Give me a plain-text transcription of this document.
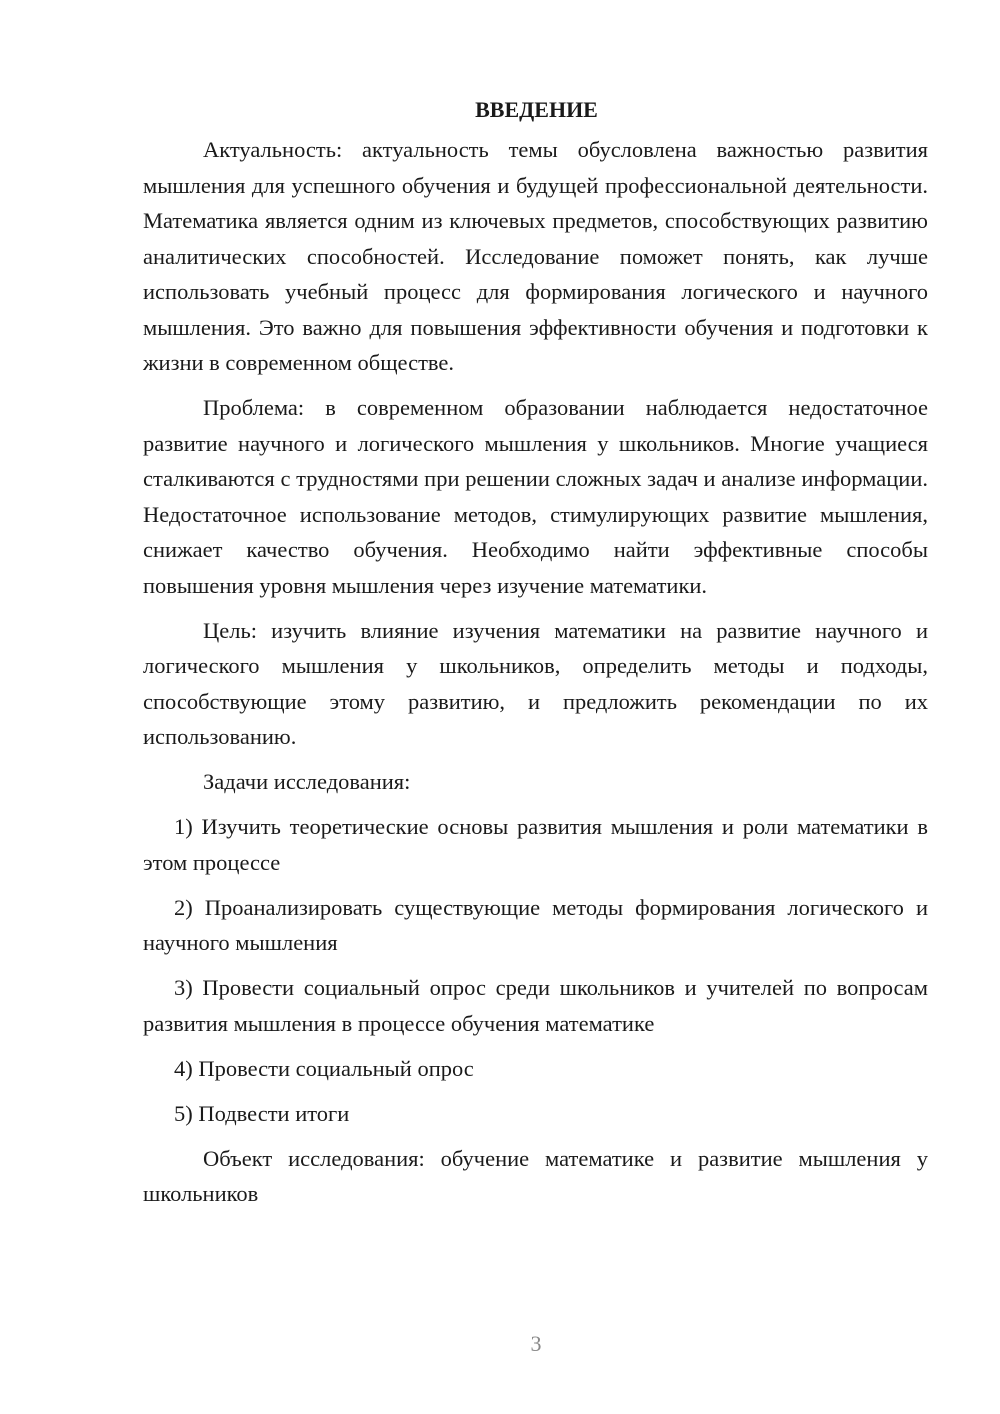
ВВЕДЕНИЕ

Актуальность: актуальность темы обусловлена важностью развития мышления для успешного обучения и будущей профессиональной деятельности. Математика является одним из ключевых предметов, способствующих развитию аналитических способностей. Исследование поможет понять, как лучше использовать учебный процесс для формирования логического и научного мышления. Это важно для повышения эффективности обучения и подготовки к жизни в современном обществе.

Проблема: в современном образовании наблюдается недостаточное развитие научного и логического мышления у школьников. Многие учащиеся сталкиваются с трудностями при решении сложных задач и анализе информации. Недостаточное использование методов, стимулирующих развитие мышления, снижает качество обучения. Необходимо найти эффективные способы повышения уровня мышления через изучение математики.

Цель: изучить влияние изучения математики на развитие научного и логического мышления у школьников, определить методы и подходы, способствующие этому развитию, и предложить рекомендации по их использованию.

Задачи исследования:

1) Изучить теоретические основы развития мышления и роли математики в этом процессе

2) Проанализировать существующие методы формирования логического и научного мышления

3) Провести социальный опрос среди школьников и учителей по вопросам развития мышления в процессе обучения математике

4) Провести социальный опрос

5) Подвести итоги

Объект исследования: обучение математике и развитие мышления у школьников

3
